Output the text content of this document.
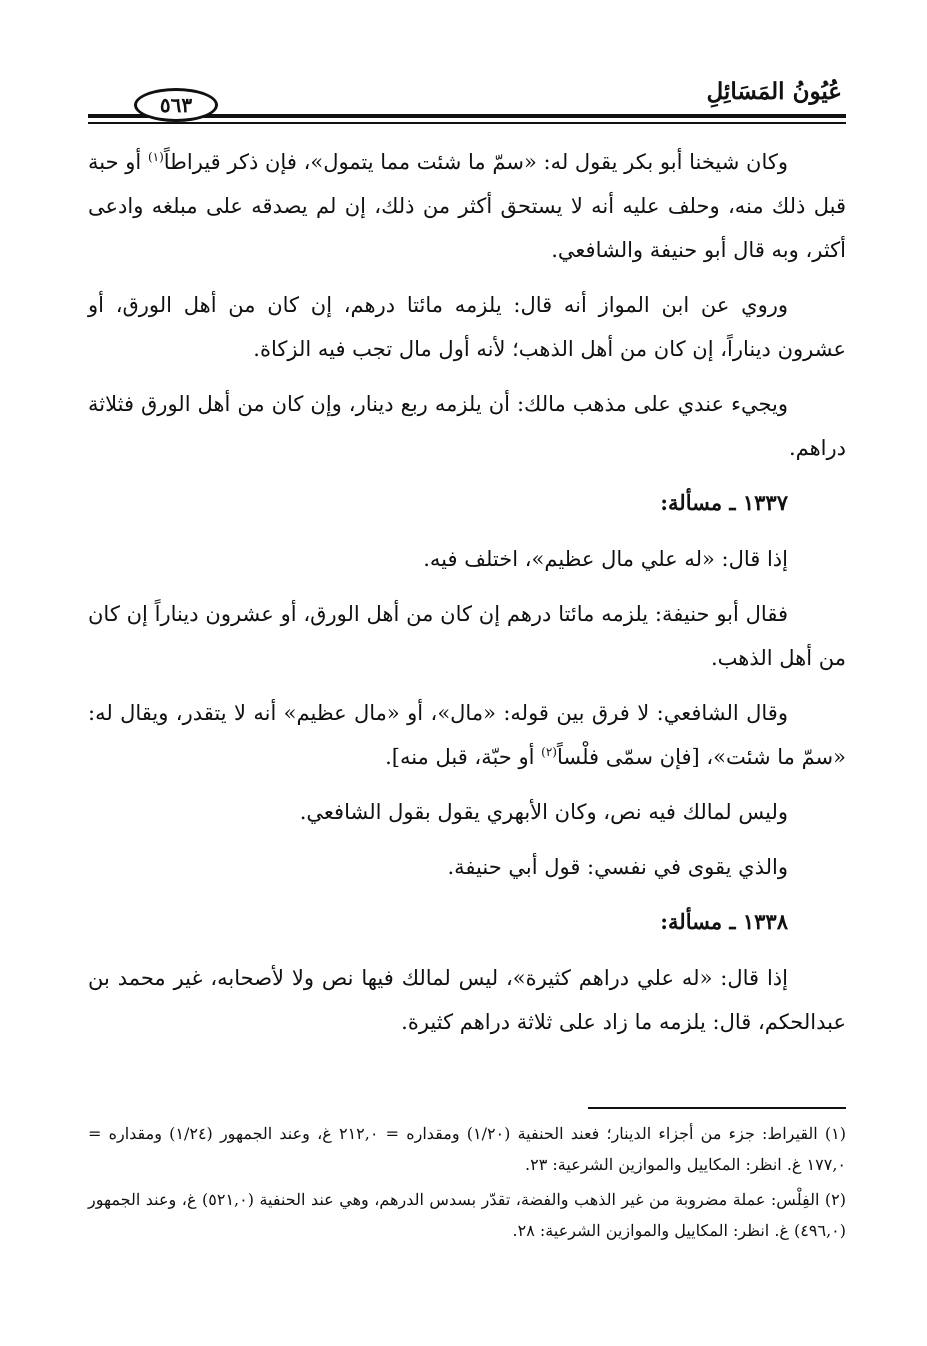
عُيُونُ المَسَائِلِ
٥٦٣

وكان شيخنا أبو بكر يقول له: «سمّ ما شئت مما يتمول»، فإن ذكر قيراطاً$^{(١)}$ أو حبة قبل ذلك منه، وحلف عليه أنه لا يستحق أكثر من ذلك، إن لم يصدقه على مبلغه وادعى أكثر، وبه قال أبو حنيفة والشافعي.

وروي عن ابن المواز أنه قال: يلزمه مائتا درهم، إن كان من أهل الورق، أو عشرون ديناراً، إن كان من أهل الذهب؛ لأنه أول مال تجب فيه الزكاة.

ويجيء عندي على مذهب مالك: أن يلزمه ربع دينار، وإن كان من أهل الورق فثلاثة دراهم.

١٣٣٧ ـ مسألة:

إذا قال: «له علي مال عظيم»، اختلف فيه.

فقال أبو حنيفة: يلزمه مائتا درهم إن كان من أهل الورق، أو عشرون ديناراً إن كان من أهل الذهب.

وقال الشافعي: لا فرق بين قوله: «مال»، أو «مال عظيم» أنه لا يتقدر، ويقال له: «سمّ ما شئت»، [فإن سمّى فلْساً$^{(٢)}$ أو حبّة، قبل منه].

وليس لمالك فيه نص، وكان الأبهري يقول بقول الشافعي.

والذي يقوى في نفسي: قول أبي حنيفة.

١٣٣٨ ـ مسألة:

إذا قال: «له علي دراهم كثيرة»، ليس لمالك فيها نص ولا لأصحابه، غير محمد بن عبدالحكم، قال: يلزمه ما زاد على ثلاثة دراهم كثيرة.

(١) القيراط: جزء من أجزاء الدينار؛ فعند الحنفية (١/٢٠) ومقداره = ٢١٢,٠ غ، وعند الجمهور (١/٢٤) ومقداره = ١٧٧,٠ غ. انظر: المكاييل والموازين الشرعية: ٢٣.

(٢) الفِلْس: عملة مضروبة من غير الذهب والفضة، تقدّر بسدس الدرهم، وهي عند الحنفية (٥٢١,٠) غ، وعند الجمهور (٤٩٦,٠) غ. انظر: المكاييل والموازين الشرعية: ٢٨.
